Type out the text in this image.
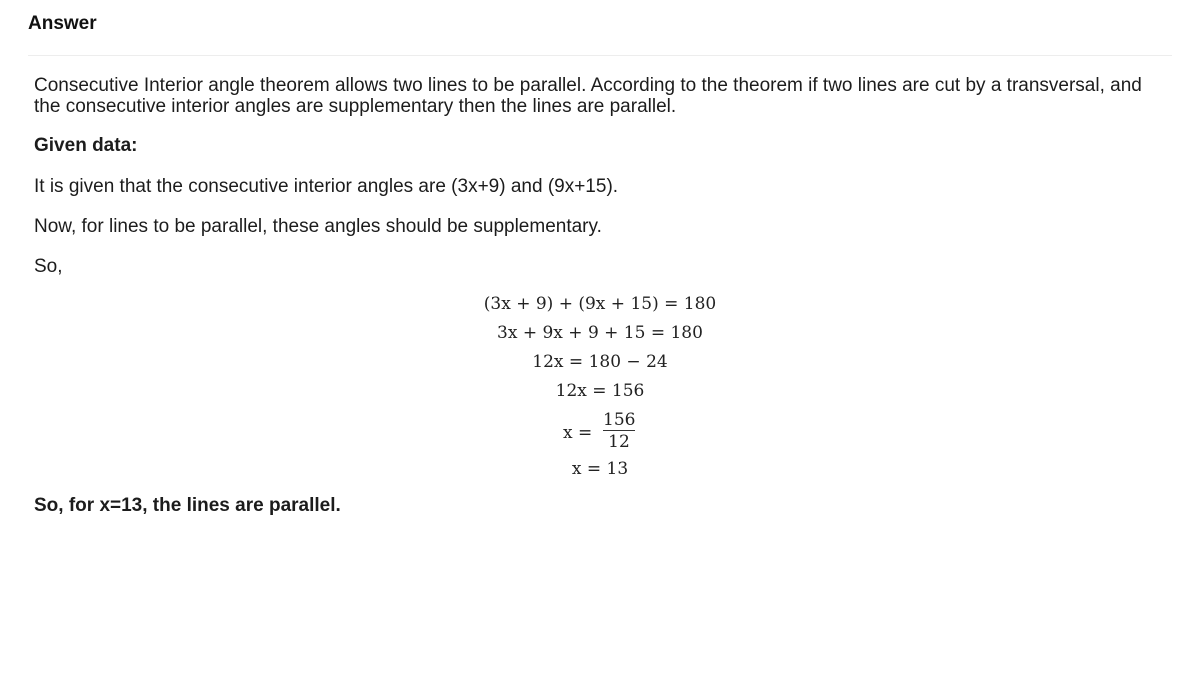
Answer
Consecutive Interior angle theorem allows two lines to be parallel. According to the theorem if two lines are cut by a transversal, and the consecutive interior angles are supplementary then the lines are parallel.
Given data:
It is given that the consecutive interior angles are (3x+9) and (9x+15).
Now, for lines to be parallel, these angles should be supplementary.
So,
(3x + 9) + (9x + 15) = 180
3x + 9x + 9 + 15 = 180
12x = 180 − 24
12x = 156
$x = \frac{156}{12}$
x = 13
So, for x=13, the lines are parallel.
